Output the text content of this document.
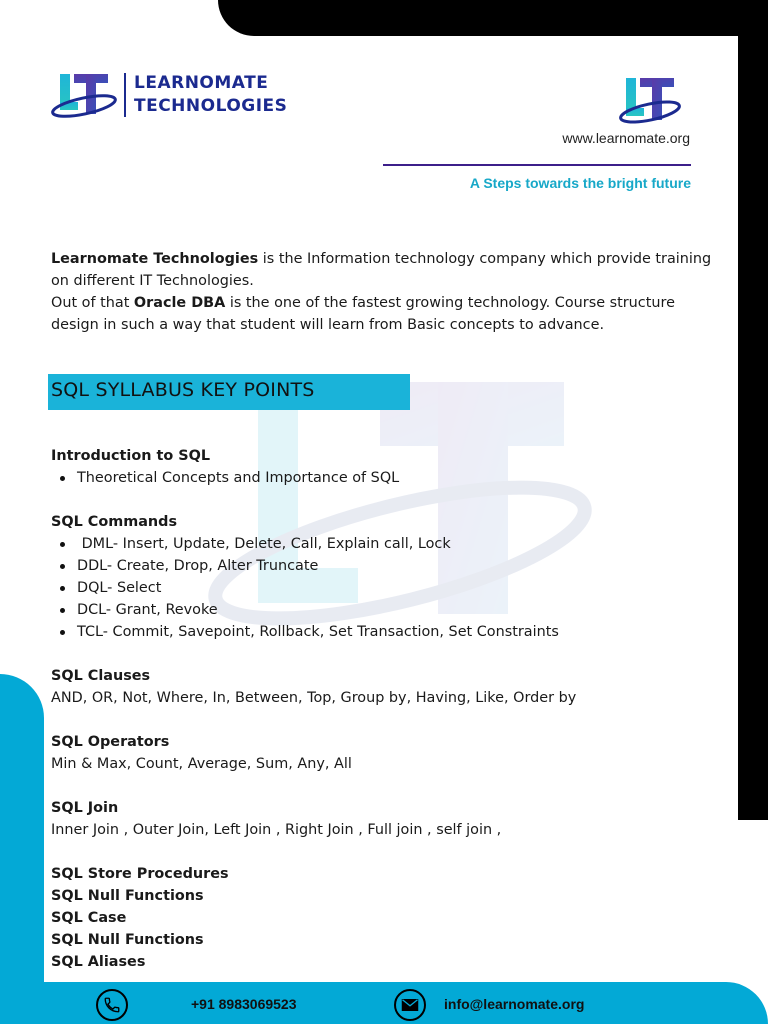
LEARNOMATE
TECHNOLOGIES
www.learnomate.org
A Steps towards the bright future
Learnomate Technologies is the Information technology company which provide training on different IT Technologies.
Out of that Oracle DBA is the one of the fastest growing technology. Course structure design in such a way that student will learn from Basic concepts to advance.
SQL SYLLABUS KEY POINTS
Introduction to SQL
Theoretical Concepts and Importance of SQL
SQL Commands
DML- Insert, Update, Delete, Call, Explain call, Lock
DDL- Create, Drop, Alter Truncate
DQL- Select
DCL- Grant, Revoke
TCL- Commit, Savepoint, Rollback, Set Transaction, Set Constraints
SQL Clauses
AND, OR, Not, Where, In, Between, Top, Group by, Having, Like, Order by
SQL Operators
Min & Max, Count, Average, Sum, Any, All
SQL Join
Inner Join , Outer Join, Left Join , Right Join , Full join , self join ,
SQL Store Procedures
SQL Null Functions
SQL Case
SQL Null Functions
SQL Aliases
+91 8983069523	info@learnomate.org
